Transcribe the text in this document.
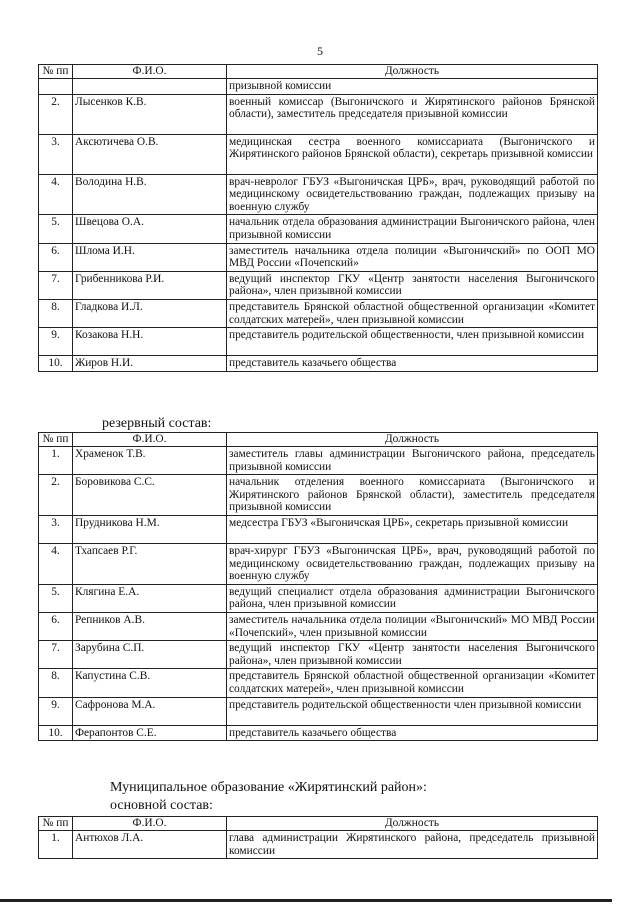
5
№ пп	Ф.И.О.	Должность
		призывной комиссии
2.	Лысенков К.В.	военный комиссар (Выгоничского и Жирятинского районов Брянской области), заместитель председателя призывной комиссии
3.	Аксютичева О.В.	медицинская сестра военного комиссариата (Выгоничского и Жирятинского районов Брянской области), секретарь призывной комиссии
4.	Володина Н.В.	врач-невролог ГБУЗ «Выгоничская ЦРБ», врач, руководящий работой по медицинскому освидетельствованию граждан, подлежащих призыву на военную службу
5.	Швецова О.А.	начальник отдела образования администрации Выгоничского района, член призывной комиссии
6.	Шлома И.Н.	заместитель начальника отдела полиции «Выгоничский» по ООП МО МВД России «Почепский»
7.	Грибенникова Р.И.	ведущий инспектор ГКУ «Центр занятости населения Выгоничского района», член призывной комиссии
8.	Гладкова И.Л.	представитель Брянской областной общественной организации «Комитет солдатских матерей», член призывной комиссии
9.	Козакова Н.Н.	представитель родительской общественности, член призывной комиссии
10.	Жиров Н.И.	представитель казачьего общества
резервный состав:
№ пп	Ф.И.О.	Должность
1.	Храменок Т.В.	заместитель главы администрации Выгоничского района, председатель призывной комиссии
2.	Боровикова С.С.	начальник отделения военного комиссариата (Выгоничского и Жирятинского районов Брянской области), заместитель председателя призывной комиссии
3.	Прудникова Н.М.	медсестра ГБУЗ «Выгоничская ЦРБ», секретарь призывной комиссии
4.	Тхапсаев Р.Г.	врач-хирург ГБУЗ «Выгоничская ЦРБ», врач, руководящий работой по медицинскому освидетельствованию граждан, подлежащих призыву на военную службу
5.	Клягина Е.А.	ведущий специалист отдела образования администрации Выгоничского района, член призывной комиссии
6.	Репников А.В.	заместитель начальника отдела полиции «Выгоничский» МО МВД России «Почепский», член призывной комиссии
7.	Зарубина С.П.	ведущий инспектор ГКУ «Центр занятости населения Выгоничского района», член призывной комиссии
8.	Капустина С.В.	представитель Брянской областной общественной организации «Комитет солдатских матерей», член призывной комиссии
9.	Сафронова М.А.	представитель родительской общественности член призывной комиссии
10.	Ферапонтов С.Е.	представитель казачьего общества
Муниципальное образование «Жирятинский район»:
основной состав:
№ пп	Ф.И.О.	Должность
1.	Антюхов Л.А.	глава администрации Жирятинского района, председатель призывной комиссии
